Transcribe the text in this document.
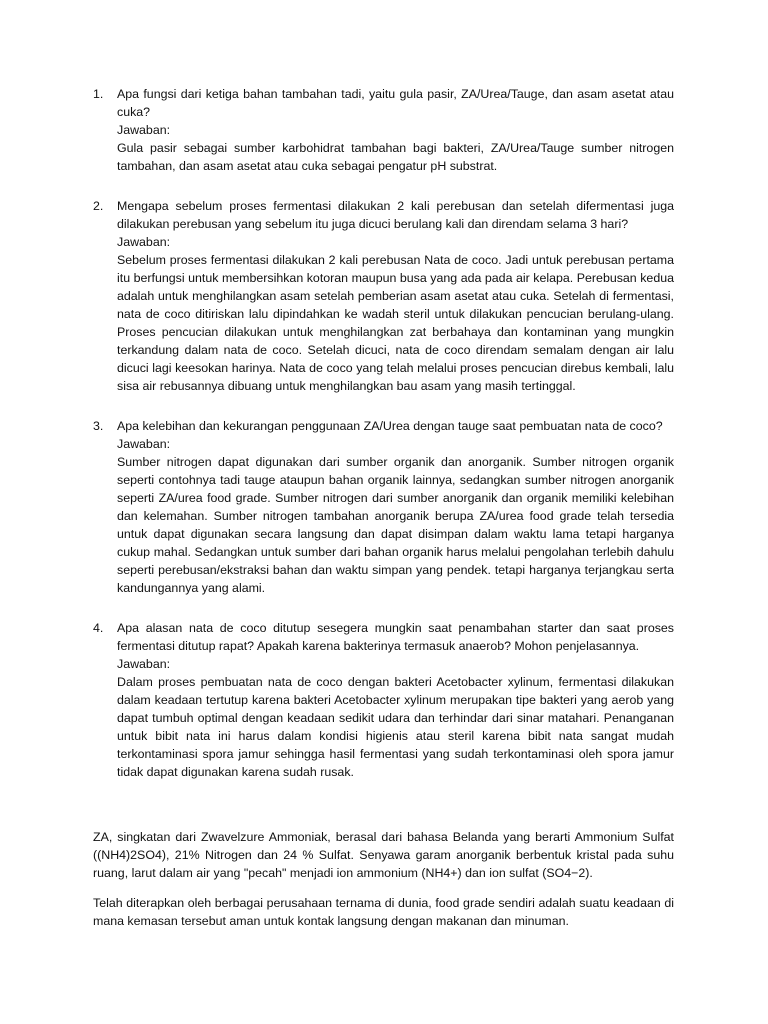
1. Apa fungsi dari ketiga bahan tambahan tadi, yaitu gula pasir, ZA/Urea/Tauge, dan asam asetat atau cuka?

Jawaban:

Gula pasir sebagai sumber karbohidrat tambahan bagi bakteri, ZA/Urea/Tauge sumber nitrogen tambahan, dan asam asetat atau cuka sebagai pengatur pH substrat.

2. Mengapa sebelum proses fermentasi dilakukan 2 kali perebusan dan setelah difermentasi juga dilakukan perebusan yang sebelum itu juga dicuci berulang kali dan direndam selama 3 hari?

Jawaban:

Sebelum proses fermentasi dilakukan 2 kali perebusan Nata de coco. Jadi untuk perebusan pertama itu berfungsi untuk membersihkan kotoran maupun busa yang ada pada air kelapa. Perebusan kedua adalah untuk menghilangkan asam setelah pemberian asam asetat atau cuka. Setelah di fermentasi, nata de coco ditiriskan lalu dipindahkan ke wadah steril untuk dilakukan pencucian berulang-ulang. Proses pencucian dilakukan untuk menghilangkan zat berbahaya dan kontaminan yang mungkin terkandung dalam nata de coco. Setelah dicuci, nata de coco direndam semalam dengan air lalu dicuci lagi keesokan harinya. Nata de coco yang telah melalui proses pencucian direbus kembali, lalu sisa air rebusannya dibuang untuk menghilangkan bau asam yang masih tertinggal.

3. Apa kelebihan dan kekurangan penggunaan ZA/Urea dengan tauge saat pembuatan nata de coco?

Jawaban:

Sumber nitrogen dapat digunakan dari sumber organik dan anorganik. Sumber nitrogen organik seperti contohnya tadi tauge ataupun bahan organik lainnya, sedangkan sumber nitrogen anorganik seperti ZA/urea food grade. Sumber nitrogen dari sumber anorganik dan organik memiliki kelebihan dan kelemahan. Sumber nitrogen tambahan anorganik berupa ZA/urea food grade telah tersedia untuk dapat digunakan secara langsung dan dapat disimpan dalam waktu lama tetapi harganya cukup mahal. Sedangkan untuk sumber dari bahan organik harus melalui pengolahan terlebih dahulu seperti perebusan/ekstraksi bahan dan waktu simpan yang pendek. tetapi harganya terjangkau serta kandungannya yang alami.

4. Apa alasan nata de coco ditutup sesegera mungkin saat penambahan starter dan saat proses fermentasi ditutup rapat? Apakah karena bakterinya termasuk anaerob? Mohon penjelasannya.

Jawaban:

Dalam proses pembuatan nata de coco dengan bakteri Acetobacter xylinum, fermentasi dilakukan dalam keadaan tertutup karena bakteri Acetobacter xylinum merupakan tipe bakteri yang aerob yang dapat tumbuh optimal dengan keadaan sedikit udara dan terhindar dari sinar matahari. Penanganan untuk bibit nata ini harus dalam kondisi higienis atau steril karena bibit nata sangat mudah terkontaminasi spora jamur sehingga hasil fermentasi yang sudah terkontaminasi oleh spora jamur tidak dapat digunakan karena sudah rusak.

ZA, singkatan dari Zwavelzure Ammoniak, berasal dari bahasa Belanda yang berarti Ammonium Sulfat ((NH4)2SO4), 21% Nitrogen dan 24 % Sulfat. Senyawa garam anorganik berbentuk kristal pada suhu ruang, larut dalam air yang "pecah" menjadi ion ammonium (NH4+) dan ion sulfat (SO4−2).

Telah diterapkan oleh berbagai perusahaan ternama di dunia, food grade sendiri adalah suatu keadaan di mana kemasan tersebut aman untuk kontak langsung dengan makanan dan minuman.
